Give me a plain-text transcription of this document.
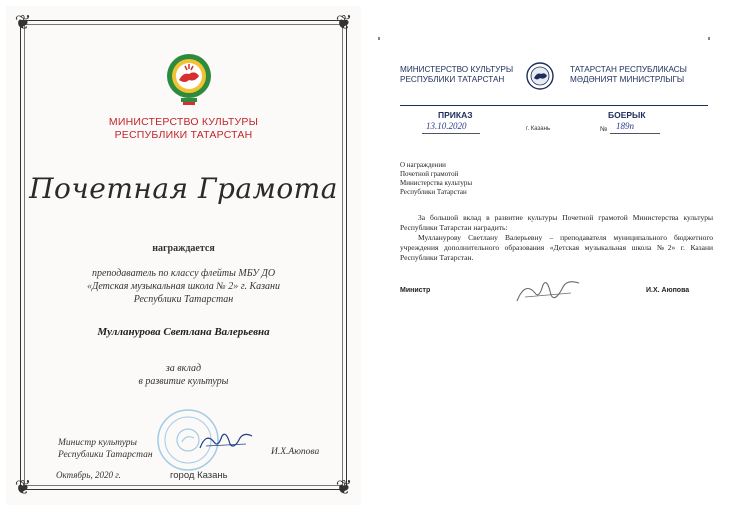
❦	❦
❦	❦
МИНИСТЕРСТВО КУЛЬТУРЫ
РЕСПУБЛИКИ ТАТАРСТАН
Почетная Грамота
награждается
преподаватель по классу флейты МБУ ДО
«Детская музыкальная школа № 2» г. Казани
Республики Татарстан
Мулланурова Светлана Валерьевна
за вклад
в развитие культуры
Министр культуры
Республики Татарстан	И.Х.Аюпова
Октябрь, 2020 г.	город Казань
МИНИСТЕРСТВО КУЛЬТУРЫ
РЕСПУБЛИКИ ТАТАРСТАН
ТАТАРСТАН РЕСПУБЛИКАСЫ
МӘДӘНИЯТ МИНИСТРЛЫГЫ
ПРИКАЗ	БОЕРЫК
13.10.2020	г. Казань	№ 189п
О награждении
Почетной грамотой
Министерства культуры
Республики Татарстан

За большой вклад в развитие культуры Почетной грамотой Министерства культуры Республики Татарстан наградить:

Мулланурову Светлану Валерьевну – преподавателя муниципального бюджетного учреждения дополнительного образования «Детская музыкальная школа №2» г. Казани Республики Татарстан.

Министр	И.Х. Аюпова
